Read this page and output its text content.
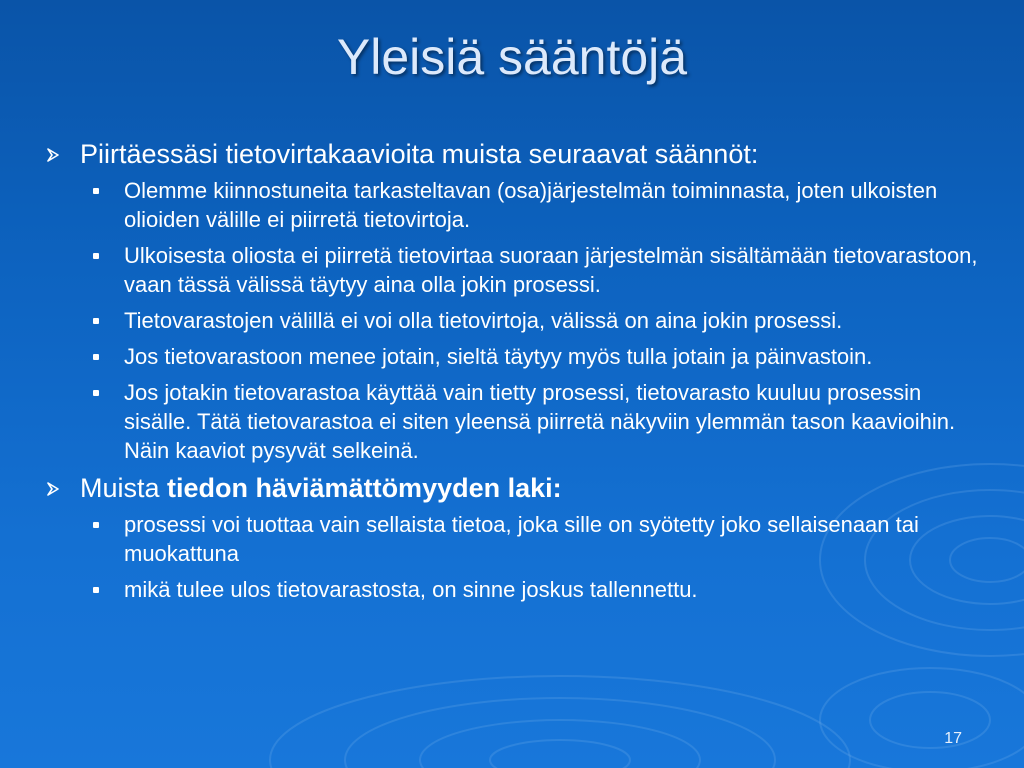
Yleisiä sääntöjä
Piirtäessäsi tietovirtakaavioita muista seuraavat säännöt:
Olemme kiinnostuneita tarkasteltavan (osa)järjestelmän toiminnasta, joten ulkoisten olioiden välille ei piirretä tietovirtoja.
Ulkoisesta oliosta ei piirretä tietovirtaa suoraan järjestelmän sisältämään tietovarastoon, vaan tässä välissä täytyy aina olla jokin prosessi.
Tietovarastojen välillä ei voi olla tietovirtoja, välissä on aina jokin prosessi.
Jos tietovarastoon menee jotain, sieltä täytyy myös tulla jotain ja päinvastoin.
Jos jotakin tietovarastoa käyttää vain tietty prosessi, tietovarasto kuuluu prosessin sisälle. Tätä tietovarastoa ei siten yleensä piirretä näkyviin ylemmän tason kaavioihin. Näin kaaviot pysyvät selkeinä.
Muista tiedon häviämättömyyden laki:
prosessi voi tuottaa vain sellaista tietoa, joka sille on syötetty joko sellaisenaan tai muokattuna
mikä tulee ulos tietovarastosta, on sinne joskus tallennettu.
17
